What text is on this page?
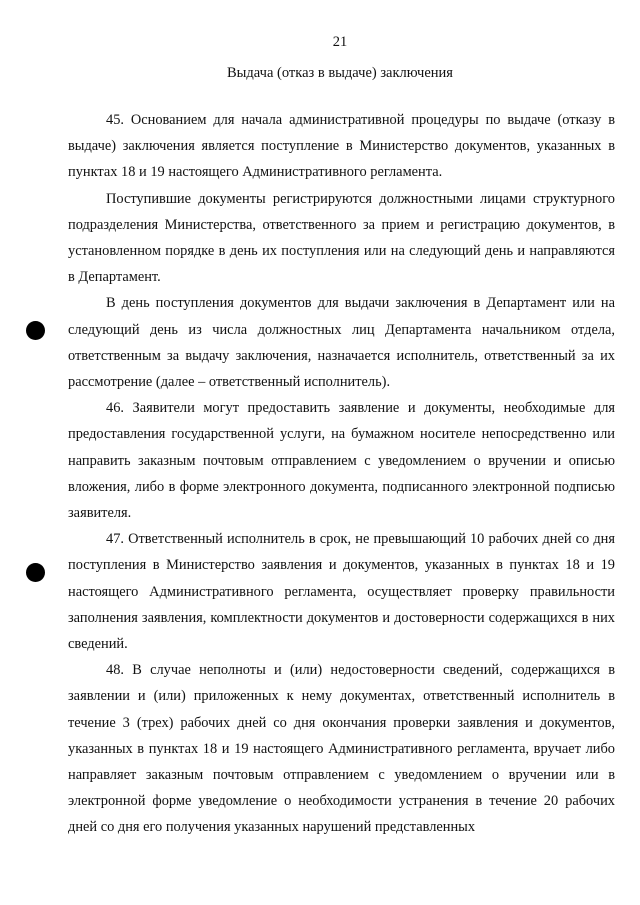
21
Выдача (отказ в выдаче) заключения

45. Основанием для начала административной процедуры по выдаче (отказу в выдаче) заключения является поступление в Министерство документов, указанных в пунктах 18 и 19 настоящего Административного регламента.

Поступившие документы регистрируются должностными лицами структурного подразделения Министерства, ответственного за прием и регистрацию документов, в установленном порядке в день их поступления или на следующий день и направляются в Департамент.

В день поступления документов для выдачи заключения в Департамент или на следующий день из числа должностных лиц Департамента начальником отдела, ответственным за выдачу заключения, назначается исполнитель, ответственный за их рассмотрение (далее – ответственный исполнитель).

46. Заявители могут предоставить заявление и документы, необходимые для предоставления государственной услуги, на бумажном носителе непосредственно или направить заказным почтовым отправлением с уведомлением о вручении и описью вложения, либо в форме электронного документа, подписанного электронной подписью заявителя.

47. Ответственный исполнитель в срок, не превышающий 10 рабочих дней со дня поступления в Министерство заявления и документов, указанных в пунктах 18 и 19 настоящего Административного регламента, осуществляет проверку правильности заполнения заявления, комплектности документов и достоверности содержащихся в них сведений.

48. В случае неполноты и (или) недостоверности сведений, содержащихся в заявлении и (или) приложенных к нему документах, ответственный исполнитель в течение 3 (трех) рабочих дней со дня окончания проверки заявления и документов, указанных в пунктах 18 и 19 настоящего Административного регламента, вручает либо направляет заказным почтовым отправлением с уведомлением о вручении или в электронной форме уведомление о необходимости устранения в течение 20 рабочих дней со дня его получения указанных нарушений представленных
